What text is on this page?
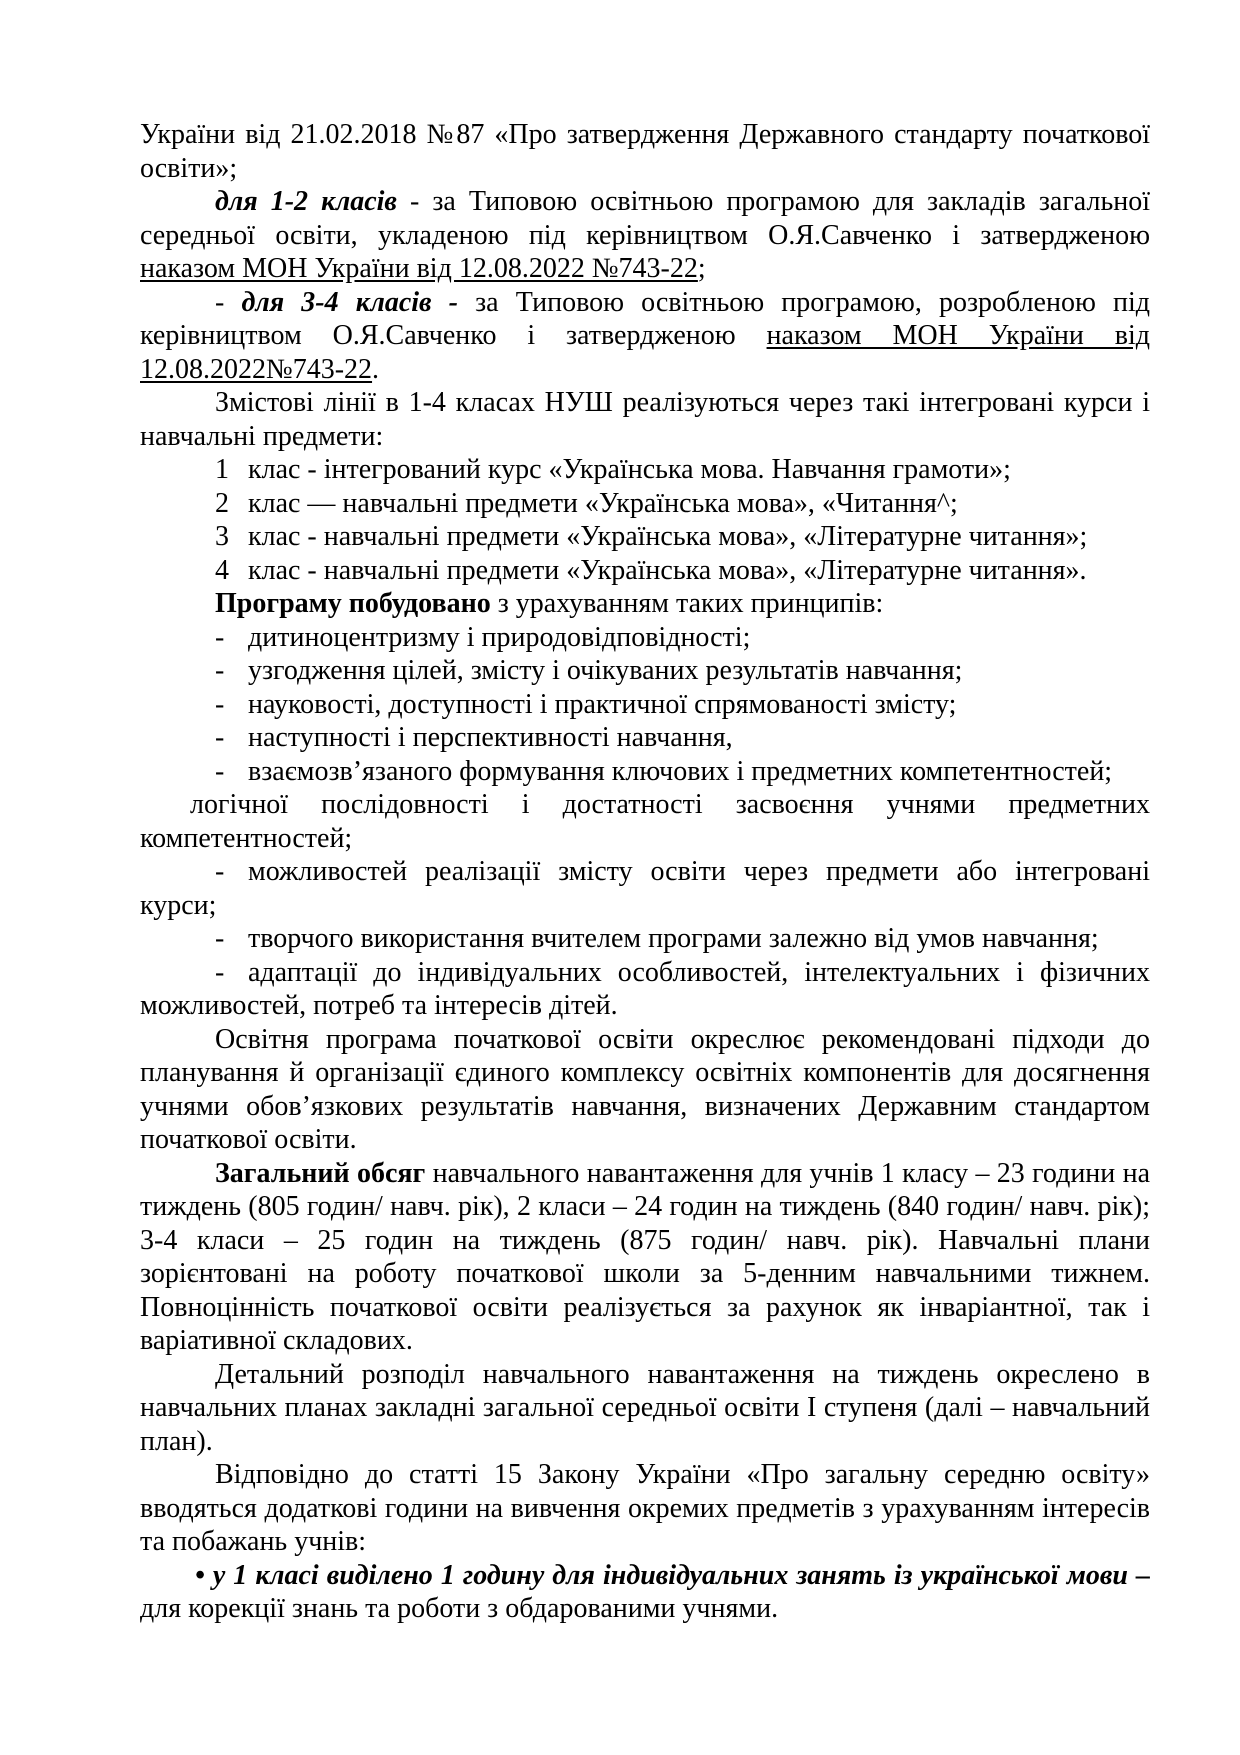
України від 21.02.2018 №87 «Про затвердження Державного стандарту початкової освіти»;

для 1-2 класів - за Типовою освітньою програмою для закладів загальної середньої освіти, укладеною під керівництвом О.Я.Савченко і затвердженою наказом МОН України від 12.08.2022 №743-22;

- для 3-4 класів - за Типовою освітньою програмою, розробленою під керівництвом О.Я.Савченко і затвердженою наказом МОН України від 12.08.2022№743-22.

Змістові лінії в 1-4 класах НУШ реалізуються через такі інтегровані курси і навчальні предмети:

1 клас - інтегрований курс «Українська мова. Навчання грамоти»;

2 клас — навчальні предмети «Українська мова», «Читання^;

3 клас - навчальні предмети «Українська мова», «Літературне читання»;

4 клас - навчальні предмети «Українська мова», «Літературне читання».

Програму побудовано з урахуванням таких принципів:

- дитиноцентризму і природовідповідності;

- узгодження цілей, змісту і очікуваних результатів навчання;

- науковості, доступності і практичної спрямованості змісту;

- наступності і перспективності навчання,

- взаємозв’язаного формування ключових і предметних компетентностей;

логічної послідовності і достатності засвоєння учнями предметних компетентностей;

- можливостей реалізації змісту освіти через предмети або інтегровані курси;

- творчого використання вчителем програми залежно від умов навчання;

- адаптації до індивідуальних особливостей, інтелектуальних і фізичних можливостей, потреб та інтересів дітей.

Освітня програма початкової освіти окреслює рекомендовані підходи до планування й організації єдиного комплексу освітніх компонентів для досягнення учнями обов’язкових результатів навчання, визначених Державним стандартом початкової освіти.

Загальний обсяг навчального навантаження для учнів 1 класу – 23 години на тиждень (805 годин/ навч. рік), 2 класи – 24 годин на тиждень (840 годин/ навч. рік); 3-4 класи – 25 годин на тиждень (875 годин/ навч. рік). Навчальні плани зорієнтовані на роботу початкової школи за 5-денним навчальними тижнем. Повноцінність початкової освіти реалізується за рахунок як інваріантної, так і варіативної складових.

Детальний розподіл навчального навантаження на тиждень окреслено в навчальних планах закладні загальної середньої освіти І ступеня (далі – навчальний план).

Відповідно до статті 15 Закону України «Про загальну середню освіту» вводяться додаткові години на вивчення окремих предметів з урахуванням інтересів та побажань учнів:

• у 1 класі виділено 1 годину для індивідуальних занять із української мови – для корекції знань та роботи з обдарованими учнями.
